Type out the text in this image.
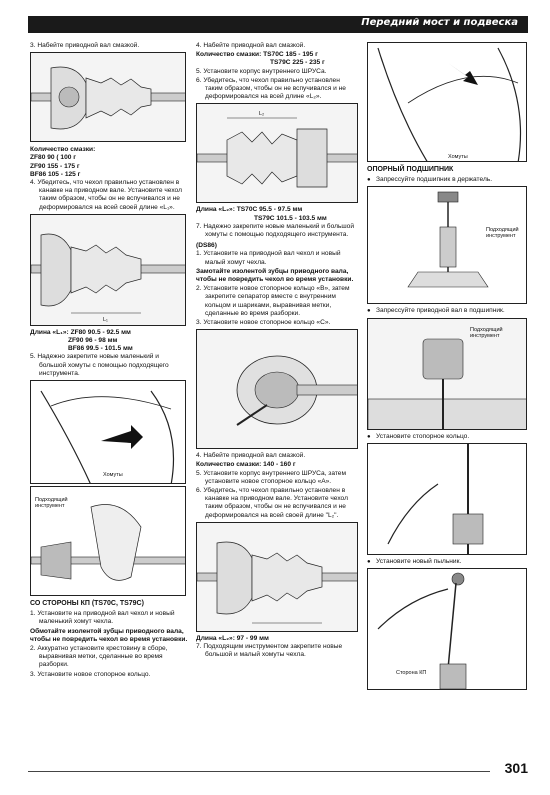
Передний мост и подвеска
3. Набейте приводной вал смазкой.
Количество смазки:
ZF80 90 ( 100 г
ZF90 155 - 175 г
BF86 105 - 125 г
4. Убедитесь, что чехол правильно установлен в канавке на приводном вале. Установите чехол таким образом, чтобы он не вспучивался и не деформировался на всей своей длине «L₁».
L₁
Длина «L₁»: ZF80 90.5 - 92.5 мм
ZF90 96 - 98 мм
BF86 99.5 - 101.5 мм
5. Надежно закрепите новые маленький и большой хомуты с помощью подходящего инструмента.
Хомуты
Подходящий инструмент
СО СТОРОНЫ КП (TS70C, TS79C)
1. Установите на приводной вал чехол и новый маленький хомут чехла.
Обмотайте изолентой зубцы приводного вала, чтобы не повредить чехол во время установки.
2. Аккуратно установите крестовину в сборе, выравнивая метки, сделанные во время разборки.
3. Установите новое стопорное кольцо.
4. Набейте приводной вал смазкой.
Количество смазки: TS70C 185 - 195 г
TS79C 225 - 235 г
5. Установите корпус внутреннего ШРУСа.
6. Убедитесь, что чехол правильно установлен таким образом, чтобы он не вспучивался и не деформировался на всей длине «L₂».
L₂
Длина «L₂»: TS70C 95.5 - 97.5 мм
TS79C 101.5 - 103.5 мм
7. Надежно закрепите новые маленький и большой хомуты с помощью подходящего инструмента.
(DS86)
1. Установите на приводной вал чехол и новый малый хомут чехла.
Замотайте изолентой зубцы приводного вала, чтобы не повредить чехол во время установки.
2. Установите новое стопорное кольцо «В», затем закрепите сепаратор вместе с внутренним кольцом и шариками, выравнивая метки, сделанные во время разборки.
3. Установите новое стопорное кольцо «С».
4. Набейте приводной вал смазкой.
Количество смазки: 140 - 160 г
5. Установите корпус внутреннего ШРУСа, затем установите новое стопорное кольцо «А».
6. Убедитесь, что чехол правильно установлен в канавке на приводном вале. Установите чехол таким образом, чтобы он не вспучивался и не деформировался на всей своей длине "L₂".
Длина «L₂»: 97 - 99 мм
7. Подходящим инструментом закрепите новые большой и малый хомуты чехла.
Хомуты
ОПОРНЫЙ ПОДШИПНИК
● Запрессуйте подшипник в держатель.
Подходящий инструмент
● Запрессуйте приводной вал в подшипник.
Подходящий инструмент
● Установите стопорное кольцо.
● Установите новый пыльник.
Сторона КП
301
